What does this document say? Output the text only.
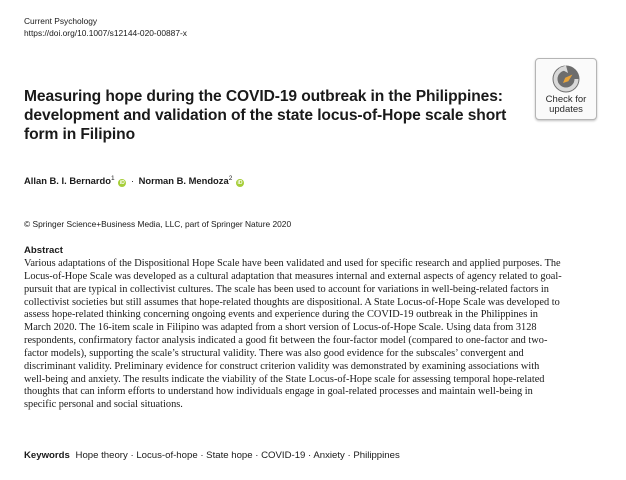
Current Psychology
https://doi.org/10.1007/s12144-020-00887-x
Check for
updates
Measuring hope during the COVID-19 outbreak in the Philippines:
development and validation of the state locus-of-Hope scale short
form in Filipino
Allan B. I. Bernardo$^1$ iD · Norman B. Mendoza$^2$ iD
© Springer Science+Business Media, LLC, part of Springer Nature 2020
Abstract
Various adaptations of the Dispositional Hope Scale have been validated and used for specific research and applied purposes. The
Locus-of-Hope Scale was developed as a cultural adaptation that measures internal and external aspects of agency related to goal-
pursuit that are typical in collectivist cultures. The scale has been used to account for variations in well-being-related factors in
collectivist societies but still assumes that hope-related thoughts are dispositional. A State Locus-of-Hope Scale was developed to
assess hope-related thinking concerning ongoing events and experience during the COVID-19 outbreak in the Philippines in
March 2020. The 16-item scale in Filipino was adapted from a short version of Locus-of-Hope Scale. Using data from 3128
respondents, confirmatory factor analysis indicated a good fit between the four-factor model (compared to one-factor and two-
factor models), supporting the scale’s structural validity. There was also good evidence for the subscales’ convergent and
discriminant validity. Preliminary evidence for construct criterion validity was demonstrated by examining associations with
well-being and anxiety. The results indicate the viability of the State Locus-of-Hope scale for assessing temporal hope-related
thoughts that can inform efforts to understand how individuals engage in goal-related processes and maintain well-being in
specific personal and social situations.
Keywords Hope theory · Locus-of-hope · State hope · COVID-19 · Anxiety · Philippines
